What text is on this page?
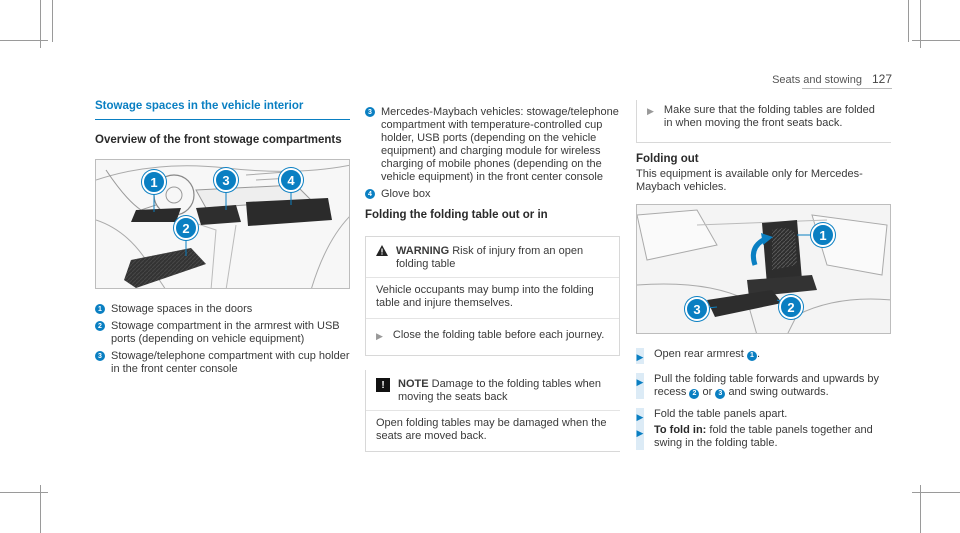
Seats and stowing 127
Stowage spaces in the vehicle interior
Overview of the front stowage compartments
1
2
3	4
1 Stowage spaces in the doors
2 Stowage compartment in the armrest with USB ports (depending on vehicle equipment)
3 Stowage/telephone compartment with cup holder in the front center console
3 Mercedes-Maybach vehicles: stowage/telephone compartment with temperature-controlled cup holder, USB ports (depending on the vehicle equipment) and charging module for wireless charging of mobile phones (depending on the vehicle equipment) in the front center console
4 Glove box
Folding the folding table out or in
WARNING Risk of injury from an open folding table

Vehicle occupants may bump into the folding table and injure themselves.

▶ Close the folding table before each journey.
!	NOTE Damage to the folding tables when moving the seats back

Open folding tables may be damaged when the seats are moved back.

▶ Make sure that the folding tables are folded in when moving the front seats back.
Folding out

This equipment is available only for Mercedes-Maybach vehicles.

1
2
3
▶ Open rear armrest 1 .
▶ Pull the folding table forwards and upwards by recess 2 or 3 and swing outwards.
▶ Fold the table panels apart.
▶ To fold in: fold the table panels together and swing in the folding table.
